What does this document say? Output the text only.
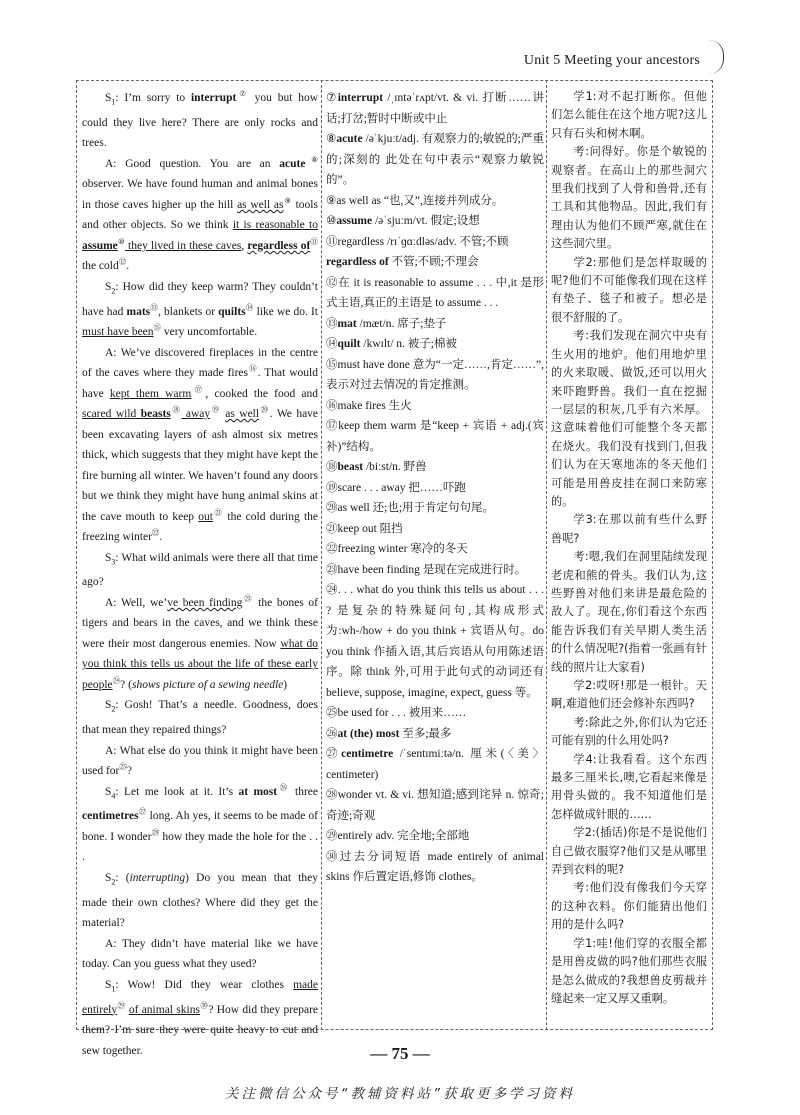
Unit 5 Meeting your ancestors

$S_1$: I’m sorry to interrupt⑦ you but how could they live here? There are only rocks and trees.

A: Good question. You are an acute⑧ observer. We have found human and animal bones in those caves higher up the hill as well as⑨ tools and other objects. So we think it is reasonable to assume⑩ they lived in these caves, regardless of⑪ the cold⑫.

$S_2$: How did they keep warm? They couldn’t have had mats⑬, blankets or quilts⑭ like we do. It must have been⑮ very uncomfortable.

A: We’ve discovered fireplaces in the centre of the caves where they made fires⑯. That would have kept them warm⑰, cooked the food and scared wild beasts⑱ away⑲ as well⑳. We have been excavating layers of ash almost six metres thick, which suggests that they might have kept the fire burning all winter. We haven’t found any doors but we think they might have hung animal skins at the cave mouth to keep out$^㉑$ the cold during the freezing winter$^㉒$.

$S_3$: What wild animals were there all that time ago?

A: Well, we’ve been finding$^㉓$ the bones of tigers and bears in the caves, and we think these were their most dangerous enemies. Now what do you think this tells us about the life of these early people$^㉔$? (shows picture of a sewing needle)

$S_2$: Gosh! That’s a needle. Goodness, does that mean they repaired things?

A: What else do you think it might have been used for$^㉕$?

$S_4$: Let me look at it. It’s at most$^㉖$ three centimetres$^㉗$ long. Ah yes, it seems to be made of bone. I wonder$^㉘$ how they made the hole for the . . .

$S_2$: (interrupting) Do you mean that they made their own clothes? Where did they get the material?

A: They didn’t have material like we have today. Can you guess what they used?

$S_1$: Wow! Did they wear clothes made entirely$^㉙$ of animal skins$^㉚$? How did they prepare them? I’m sure they were quite heavy to cut and sew together.

⑦interrupt /ˌɪntəˈrʌpt/vt. & vi. 打断……讲话;打岔;暂时中断或中止

⑧acute /əˈkjuːt/adj. 有观察力的;敏锐的;严重的;深刻的 此处在句中表示“观察力敏锐的”。

⑨as well as “也,又”,连接并列成分。

⑩assume /əˈsjuːm/vt. 假定;设想

⑪regardless /rɪˈɡɑːdləs/adv. 不管;不顾

regardless of 不管;不顾;不理会

⑫在 it is reasonable to assume . . . 中,it 是形式主语,真正的主语是 to assume . . .

⑬mat /mæt/n. 席子;垫子

⑭quilt /kwɪlt/ n. 被子;棉被

⑮must have done 意为“一定……,肯定……”,表示对过去情况的肯定推测。

⑯make fires 生火

⑰keep them warm 是“keep + 宾语 + adj.(宾补)”结构。

⑱beast /biːst/n. 野兽

⑲scare . . . away 把……吓跑

⑳as well 还;也;用于肯定句句尾。

㉑keep out 阻挡

㉒freezing winter 寒冷的冬天

㉓have been finding 是现在完成进行时。

㉔. . . what do you think this tells us about . . . ? 是复杂的特殊疑问句,其构成形式为:wh-/how + do you think + 宾语从句。do you think 作插入语,其后宾语从句用陈述语序。除 think 外,可用于此句式的动词还有 believe, suppose, imagine, expect, guess 等。

㉕be used for . . . 被用来……

㉖at (the) most 至多;最多

㉗centimetre /ˈsentɪmiːtə/n. 厘米(〈美〉centimeter)

㉘wonder vt. & vi. 想知道;感到诧异 n. 惊奇;奇迹;奇观

㉙entirely adv. 完全地;全部地

㉚过去分词短语 made entirely of animal skins 作后置定语,修饰 clothes。

学1:对不起打断你。但他们怎么能住在这个地方呢?这儿只有石头和树木啊。

考:问得好。你是个敏锐的观察者。在高山上的那些洞穴里我们找到了人骨和兽骨,还有工具和其他物品。因此,我们有理由认为他们不顾严寒,就住在这些洞穴里。

学2:那他们是怎样取暖的呢?他们不可能像我们现在这样有垫子、毯子和被子。想必是很不舒服的了。

考:我们发现在洞穴中央有生火用的地炉。他们用地炉里的火来取暖、做饭,还可以用火来吓跑野兽。我们一直在挖掘一层层的积灰,几乎有六米厚。这意味着他们可能整个冬天都在烧火。我们没有找到门,但我们认为在天寒地冻的冬天他们可能是用兽皮挂在洞口来防寒的。

学3:在那以前有些什么野兽呢?

考:嗯,我们在洞里陆续发现老虎和熊的骨头。我们认为,这些野兽对他们来讲是最危险的敌人了。现在,你们看这个东西能告诉我们有关早期人类生活的什么情况呢?(指着一张画有针线的照片让大家看)

学2:哎呀!那是一根针。天啊,难道他们还会修补东西吗?

考:除此之外,你们认为它还可能有别的什么用处吗?

学4:让我看看。这个东西最多三厘米长,噢,它看起来像是用骨头做的。我不知道他们是怎样做成针眼的……

学2:(插话)你是不是说他们自己做衣服穿?他们又是从哪里弄到衣料的呢?

考:他们没有像我们今天穿的这种衣料。你们能猜出他们用的是什么吗?

学1:哇!他们穿的衣服全都是用兽皮做的吗?他们那些衣服是怎么做成的?我想兽皮剪裁并缝起来一定又厚又重啊。

— 75 —
关注微信公众号“教辅资料站”获取更多学习资料
